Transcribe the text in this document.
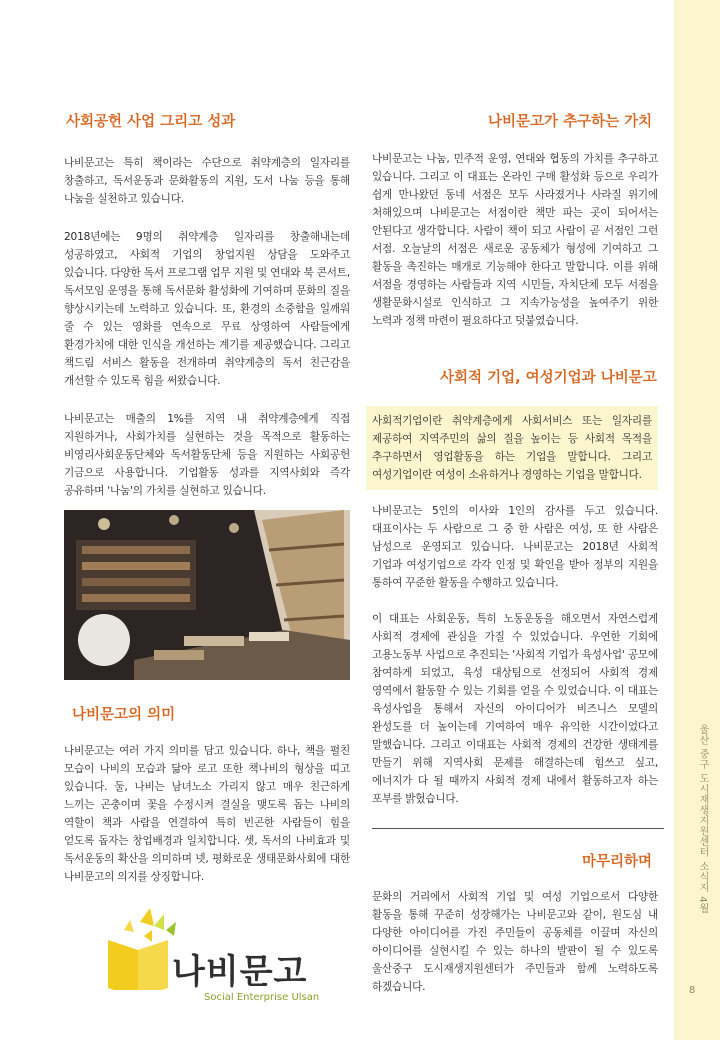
사회공헌 사업 그리고 성과

나비문고는 특히 책이라는 수단으로 취약계층의 일자리를 창출하고, 독서운동과 문화활동의 지원, 도서 나눔 등을 통해 나눔을 실천하고 있습니다.

2018년에는 9명의 취약계층 일자리를 창출해내는데 성공하였고, 사회적 기업의 창업지원 상담을 도와주고 있습니다. 다양한 독서 프로그램 업무 지원 및 연대와 북 콘서트, 독서모임 운영을 통해 독서문화 활성화에 기여하며 문화의 질을 향상시키는데 노력하고 있습니다. 또, 환경의 소중함을 일깨워 줄 수 있는 영화를 연속으로 무료 상영하여 사람들에게 환경가치에 대한 인식을 개선하는 계기를 제공했습니다. 그리고 책드림 서비스 활동을 전개하며 취약계층의 독서 친근감을 개선할 수 있도록 힘을 써왔습니다.

나비문고는 매출의 1%를 지역 내 취약계층에게 직접 지원하거나, 사회가치를 실현하는 것을 목적으로 활동하는 비영리사회운동단체와 독서활동단체 등을 지원하는 사회공헌 기금으로 사용합니다. 기업활동 성과를 지역사회와 즉각 공유하며 '나눔'의 가치를 실현하고 있습니다.

나비문고의 의미

나비문고는 여러 가지 의미를 담고 있습니다. 하나, 책을 펼친 모습이 나비의 모습과 닮아 로고 또한 책나비의 형상을 띠고 있습니다. 둘, 나비는 남녀노소 가리지 않고 매우 친근하게 느끼는 곤충이며 꽃을 수정시켜 결실을 맺도록 돕는 나비의 역할이 책과 사람을 연결하여 특히 빈곤한 사람들이 힘을 얻도록 돕자는 창업배경과 일치합니다. 셋, 독서의 나비효과 및 독서운동의 확산을 의미하며 넷, 평화로운 생태문화사회에 대한 나비문고의 의지를 상징합니다.

나비문고
Social Enterprise Ulsan
나비문고가 추구하는 가치

나비문고는 나눔, 민주적 운영, 연대와 협동의 가치를 추구하고 있습니다. 그리고 이 대표는 온라인 구매 활성화 등으로 우리가 쉽게 만나왔던 동네 서점은 모두 사라졌거나 사라질 위기에 처해있으며 나비문고는 서점이란 책만 파는 곳이 되어서는 안된다고 생각합니다. 사람이 책이 되고 사람이 곧 서점인 그런 서점. 오늘날의 서점은 새로운 공동체가 형성에 기여하고 그 활동을 촉진하는 매개로 기능해야 한다고 말합니다. 이를 위해 서점을 경영하는 사람들과 지역 시민들, 자치단체 모두 서점을 생활문화시설로 인식하고 그 지속가능성을 높여주기 위한 노력과 정책 마련이 필요하다고 덧붙였습니다.

사회적 기업, 여성기업과 나비문고

사회적기업이란 취약계층에게 사회서비스 또는 일자리를 제공하여 지역주민의 삶의 질을 높이는 등 사회적 목적을 추구하면서 영업활동을 하는 기업을 말합니다. 그리고 여성기업이란 여성이 소유하거나 경영하는 기업을 말합니다.

나비문고는 5인의 이사와 1인의 감사를 두고 있습니다. 대표이사는 두 사람으로 그 중 한 사람은 여성, 또 한 사람은 남성으로 운영되고 있습니다. 나비문고는 2018년 사회적 기업과 여성기업으로 각각 인정 및 확인을 받아 정부의 지원을 통하여 꾸준한 활동을 수행하고 있습니다.

이 대표는 사회운동, 특히 노동운동을 해오면서 자연스럽게 사회적 경제에 관심을 가질 수 있었습니다. 우연한 기회에 고용노동부 사업으로 추진되는 '사회적 기업가 육성사업' 공모에 참여하게 되었고, 육성 대상팀으로 선정되어 사회적 경제 영역에서 활동할 수 있는 기회를 얻을 수 있었습니다. 이 대표는 육성사업을 통해서 자신의 아이디어가 비즈니스 모델의 완성도를 더 높이는데 기여하여 매우 유익한 시간이었다고 말했습니다. 그리고 이대표는 사회적 경제의 건강한 생태계를 만들기 위해 지역사회 문제를 해결하는데 힘쓰고 싶고, 에너지가 다 될 때까지 사회적 경제 내에서 활동하고자 하는 포부를 밝혔습니다.

마무리하며

문화의 거리에서 사회적 기업 및 여성 기업으로서 다양한 활동을 통해 꾸준히 성장해가는 나비문고와 같이, 원도심 내 다양한 아이디어를 가진 주민들이 공동체를 이끌며 자신의 아이디어를 실현시킬 수 있는 하나의 발판이 될 수 있도록 울산중구 도시재생지원센터가 주민들과 함께 노력하도록 하겠습니다.

울산 중구 도시재생지원센터 소식지 4월
8
